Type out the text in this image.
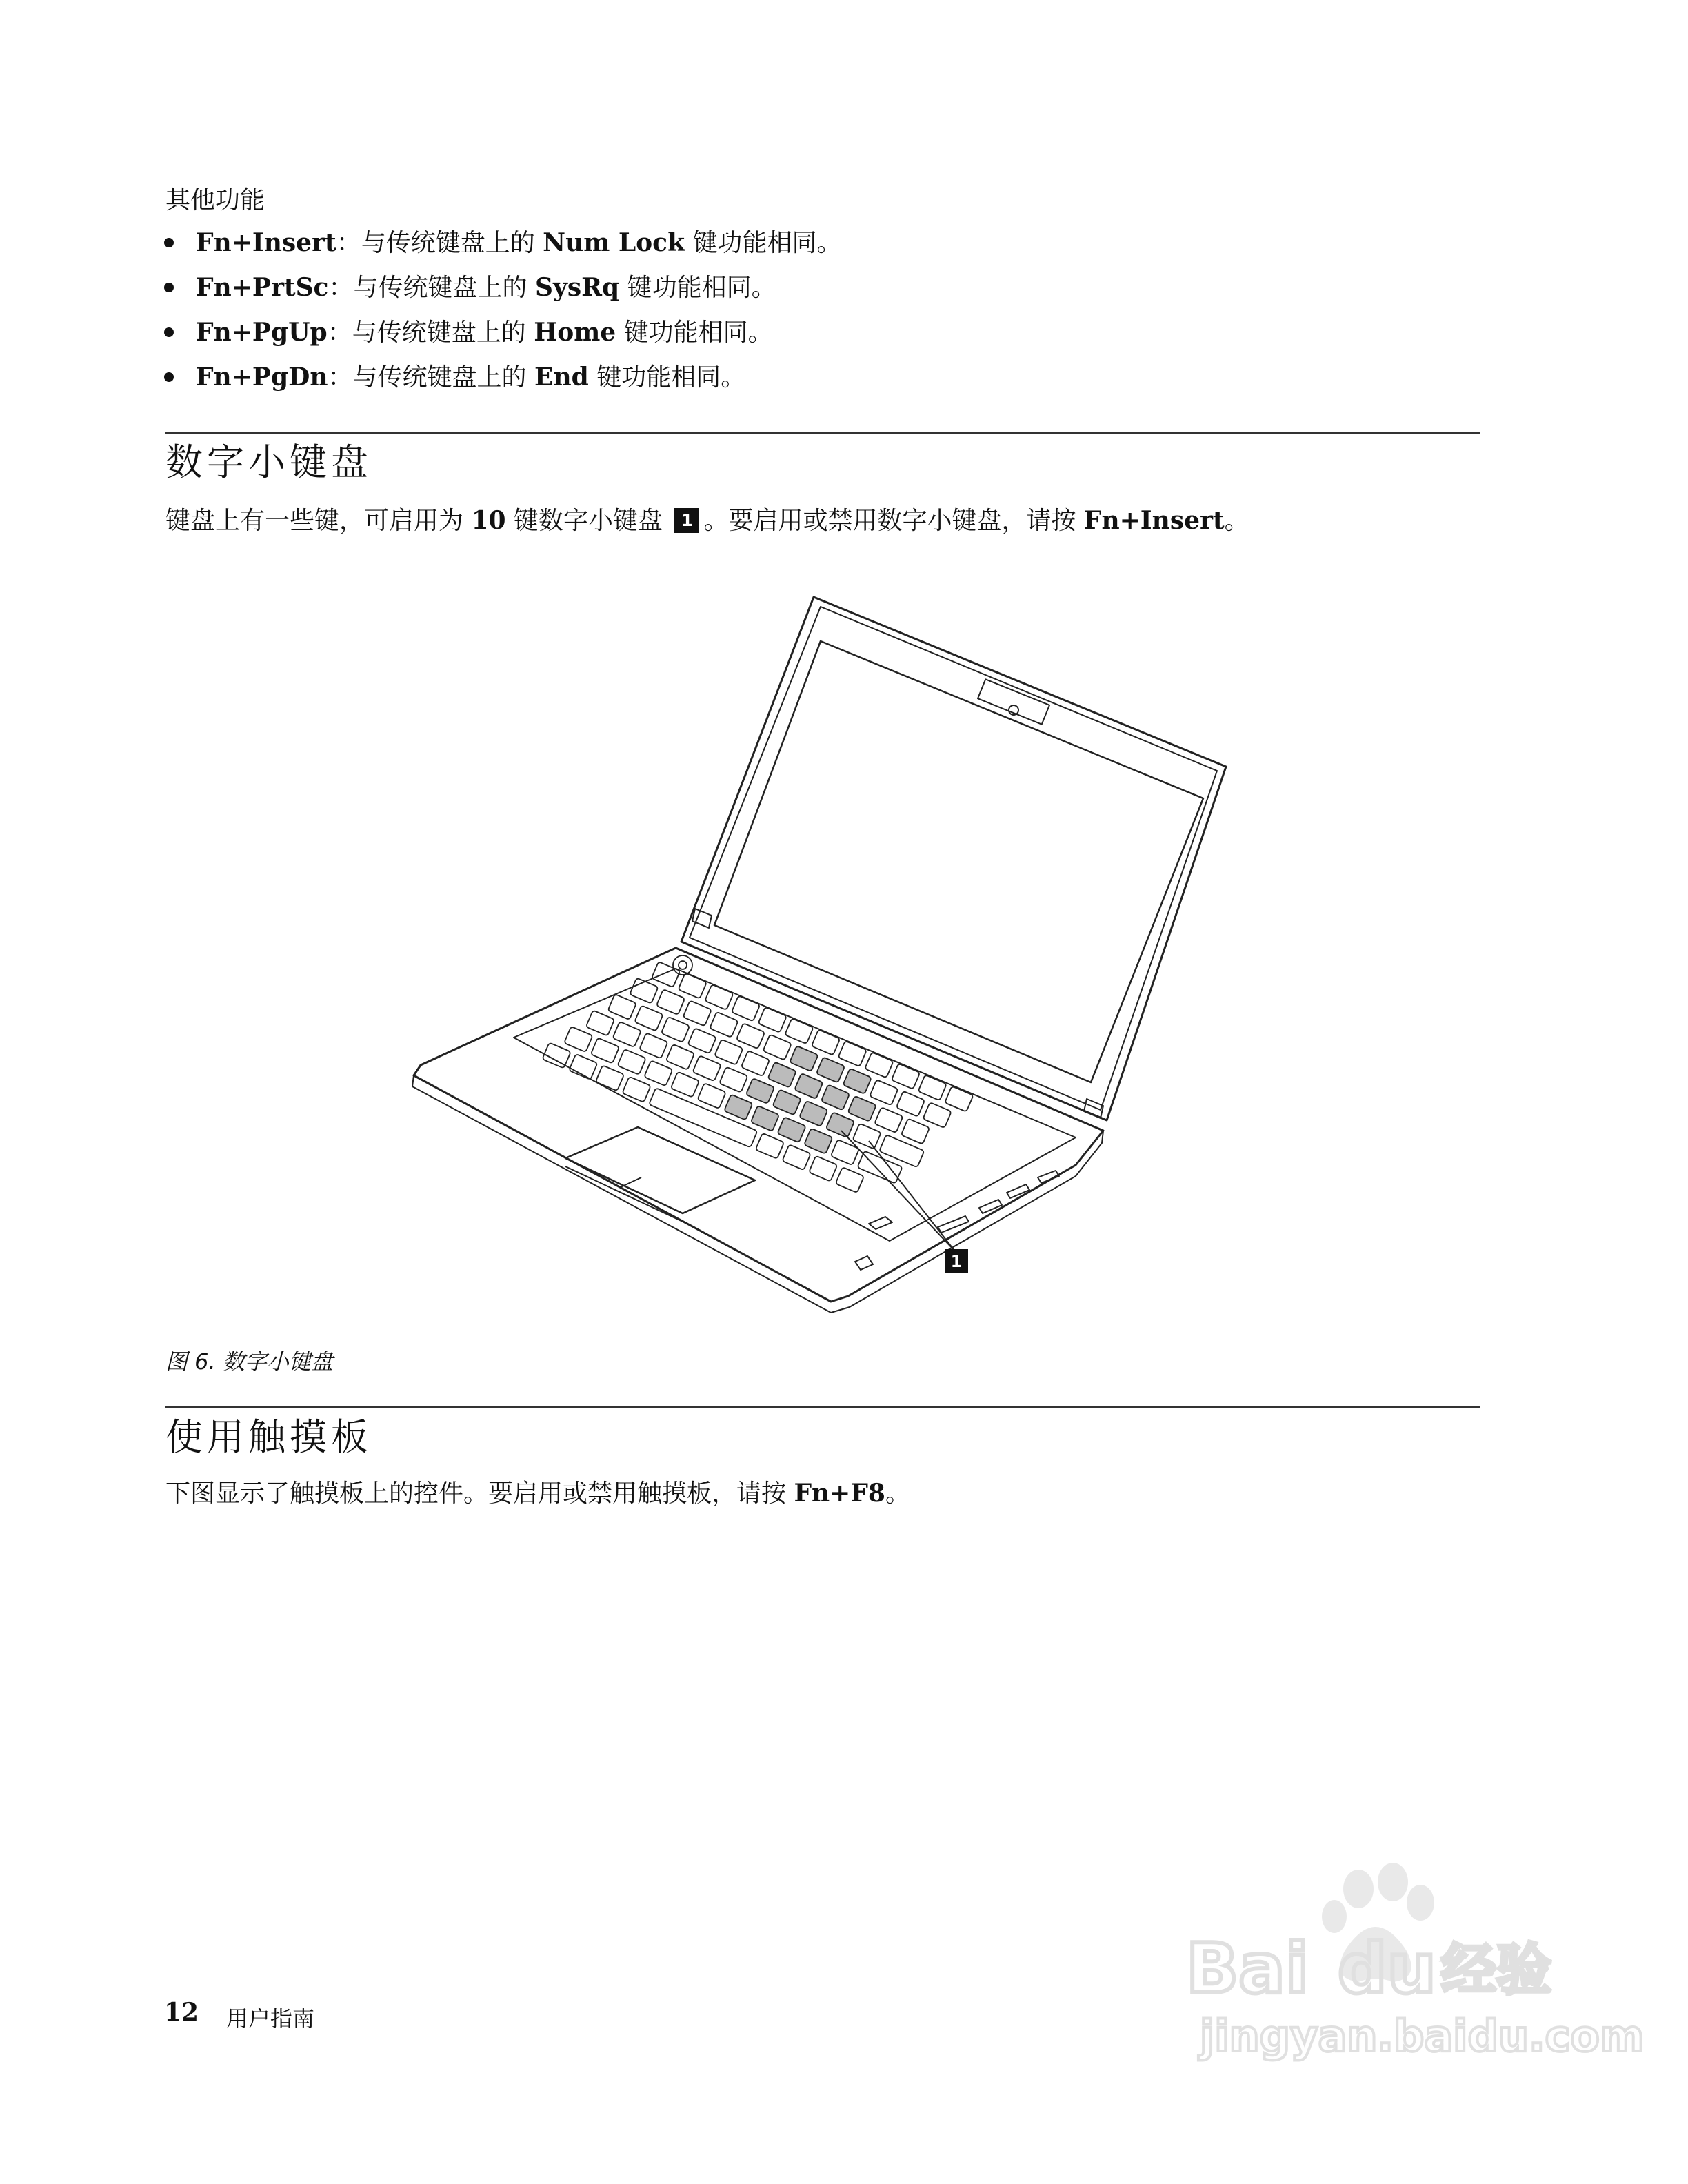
其他功能
Fn+Insert：与传统键盘上的 Num Lock 键功能相同。
Fn+PrtSc：与传统键盘上的 SysRq 键功能相同。
Fn+PgUp：与传统键盘上的 Home 键功能相同。
Fn+PgDn：与传统键盘上的 End 键功能相同。
数字小键盘
键盘上有一些键，可启用为 10 键数字小键盘 1 。要启用或禁用数字小键盘，请按 Fn+Insert。
1
图 6. 数字小键盘
使用触摸板
下图显示了触摸板上的控件。要启用或禁用触摸板，请按 Fn+F8。
Bai du 经验
jingyan.baidu.com
12 用户指南
